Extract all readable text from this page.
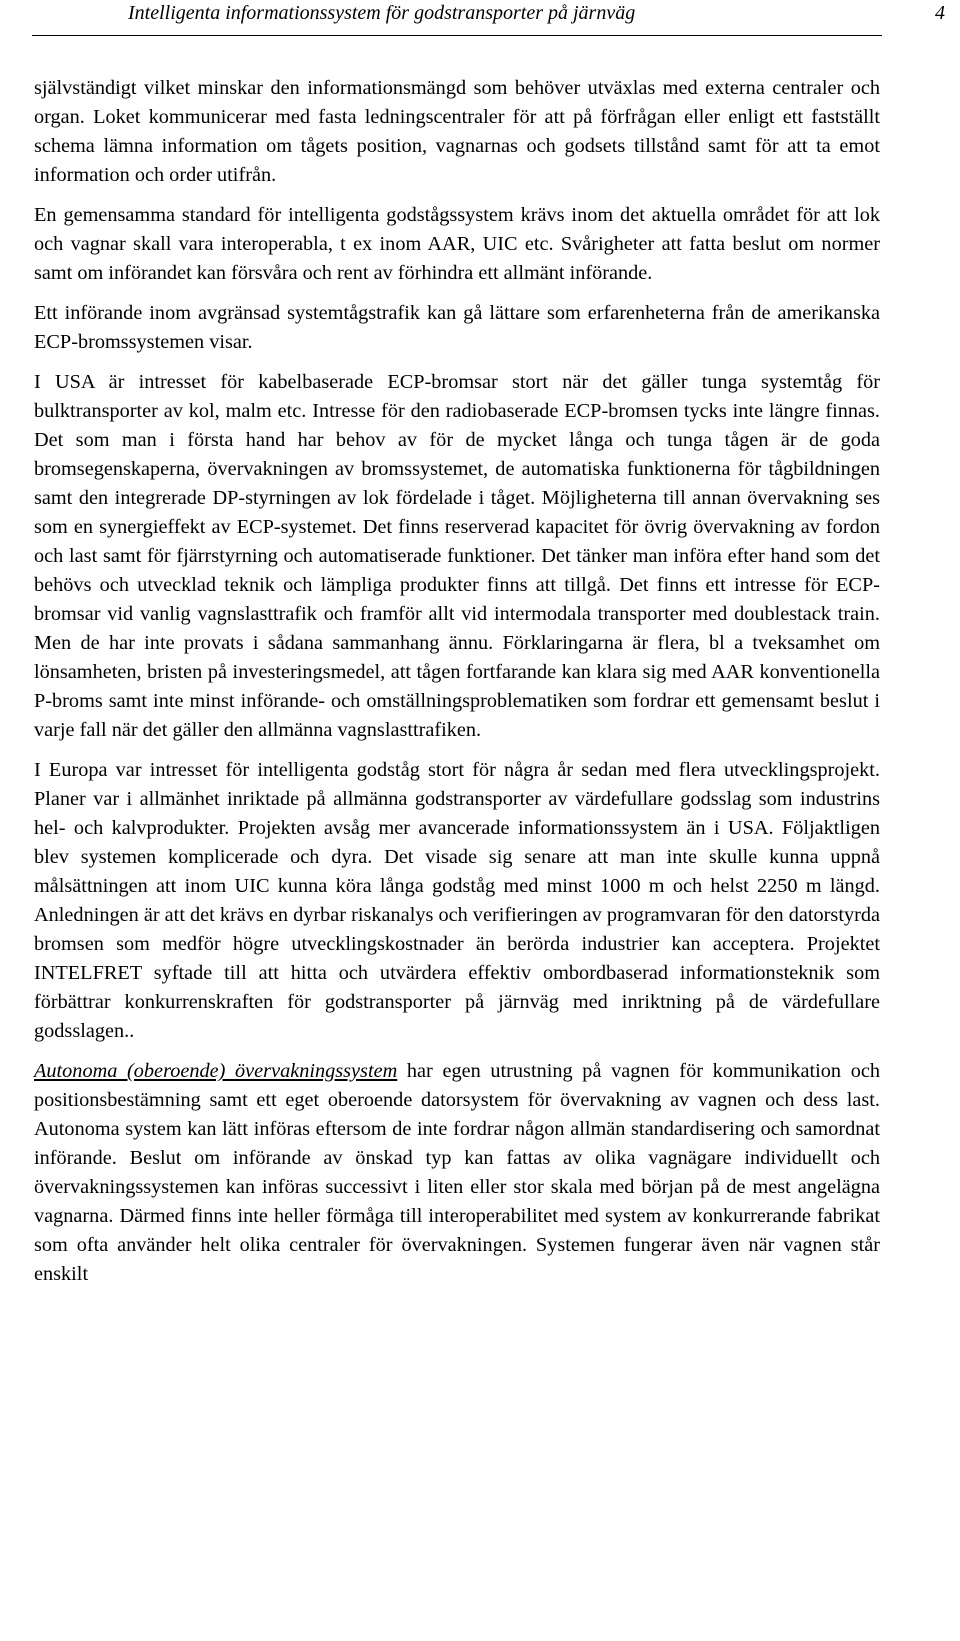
Intelligenta informationssystem för godstransporter på järnväg	4

självständigt vilket minskar den informationsmängd som behöver utväxlas med externa centraler och organ. Loket kommunicerar med fasta ledningscentraler för att på förfrågan eller enligt ett fastställt schema lämna information om tågets position, vagnarnas och godsets tillstånd samt för att ta emot information och order utifrån.

En gemensamma standard för intelligenta godstågssystem krävs inom det aktuella området för att lok och vagnar skall vara interoperabla, t ex inom AAR, UIC etc. Svårigheter att fatta beslut om normer samt om införandet kan försvåra och rent av förhindra ett allmänt införande.

Ett införande inom avgränsad systemtågstrafik kan gå lättare som erfarenheterna från de amerikanska ECP-bromssystemen visar.

I USA är intresset för kabelbaserade ECP-bromsar stort när det gäller tunga systemtåg för bulktransporter av kol, malm etc. Intresse för den radiobaserade ECP-bromsen tycks inte längre finnas. Det som man i första hand har behov av för de mycket långa och tunga tågen är de goda bromsegenskaperna, övervakningen av bromssystemet, de automatiska funktionerna för tågbildningen samt den integrerade DP-styrningen av lok fördelade i tåget. Möjligheterna till annan övervakning ses som en synergieffekt av ECP-systemet. Det finns reserverad kapacitet för övrig övervakning av fordon och last samt för fjärrstyrning och automatiserade funktioner. Det tänker man införa efter hand som det behövs och utvecklad teknik och lämpliga produkter finns att tillgå. Det finns ett intresse för ECP-bromsar vid vanlig vagnslasttrafik och framför allt vid intermodala transporter med doublestack train. Men de har inte provats i sådana sammanhang ännu. Förklaringarna är flera, bl a tveksamhet om lönsamheten, bristen på investeringsmedel, att tågen fortfarande kan klara sig med AAR konventionella P-broms samt inte minst införande- och omställningsproblematiken som fordrar ett gemensamt beslut i varje fall när det gäller den allmänna vagnslasttrafiken.

I Europa var intresset för intelligenta godståg stort för några år sedan med flera utvecklingsprojekt. Planer var i allmänhet inriktade på allmänna godstransporter av värdefullare godsslag som industrins hel- och kalvprodukter. Projekten avsåg mer avancerade informationssystem än i USA. Följaktligen blev systemen komplicerade och dyra. Det visade sig senare att man inte skulle kunna uppnå målsättningen att inom UIC kunna köra långa godståg med minst 1000 m och helst 2250 m längd. Anledningen är att det krävs en dyrbar riskanalys och verifieringen av programvaran för den datorstyrda bromsen som medför högre utvecklingskostnader än berörda industrier kan acceptera. Projektet INTELFRET syftade till att hitta och utvärdera effektiv ombordbaserad informationsteknik som förbättrar konkurrenskraften för godstransporter på järnväg med inriktning på de värdefullare godsslagen..

Autonoma (oberoende) övervakningssystem har egen utrustning på vagnen för kommunikation och positionsbestämning samt ett eget oberoende datorsystem för övervakning av vagnen och dess last. Autonoma system kan lätt införas eftersom de inte fordrar någon allmän standardisering och samordnat införande. Beslut om införande av önskad typ kan fattas av olika vagnägare individuellt och övervakningssystemen kan införas successivt i liten eller stor skala med början på de mest angelägna vagnarna. Därmed finns inte heller förmåga till interoperabilitet med system av konkurrerande fabrikat som ofta använder helt olika centraler för övervakningen. Systemen fungerar även när vagnen står enskilt
